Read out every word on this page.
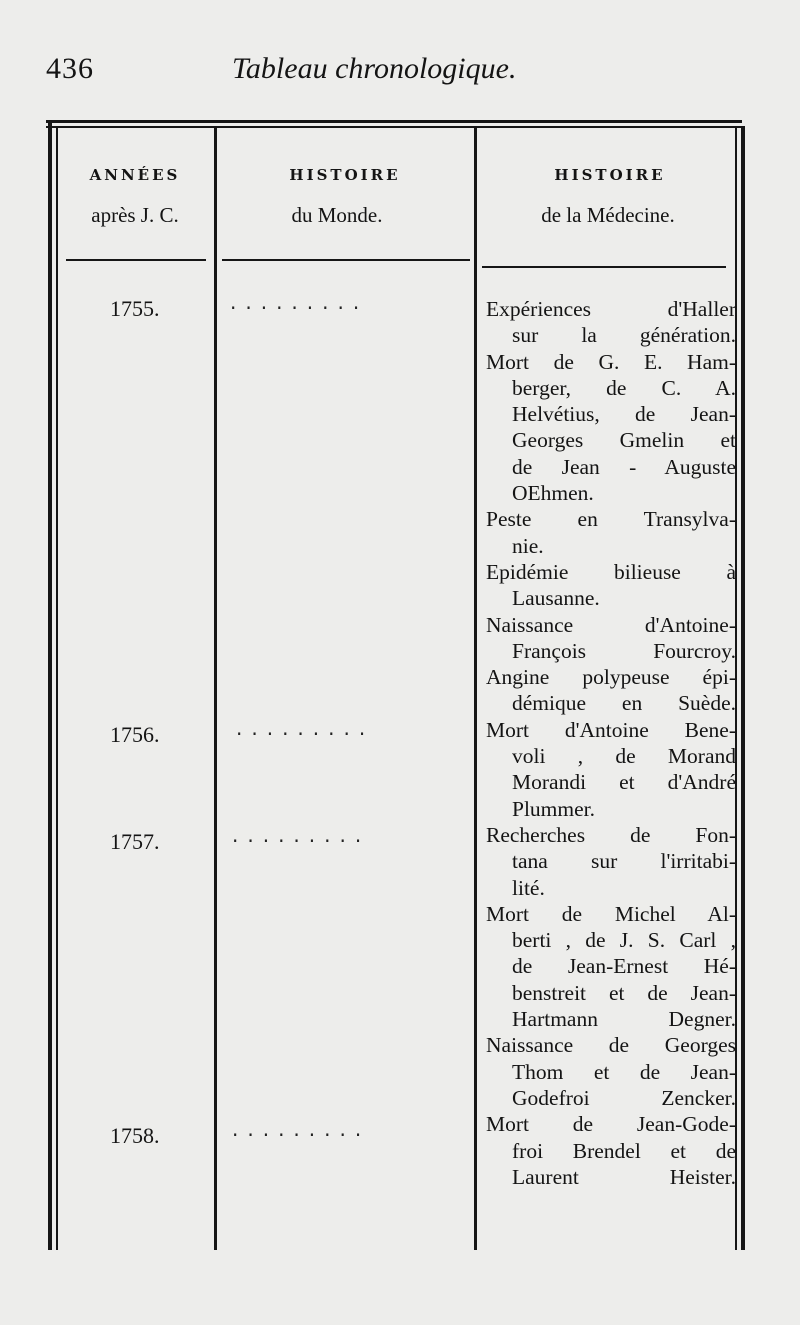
436	Tableau chronologique.
ANNÉES
après J. C.
HISTOIRE
du Monde.
HISTOIRE
de la Médecine.
1755.
1756.
1757.
1758.
·········
·········
·········
·········
Expériences d'Haller
sur la génération.
Mort de G. E. Ham-
berger, de C. A.
Helvétius, de Jean-
Georges Gmelin et
de Jean - Auguste
OEhmen.
Peste en Transylva-
nie.
Epidémie bilieuse à
Lausanne.
Naissance d'Antoine-
François Fourcroy.
Angine polypeuse épi-
démique en Suède.
Mort d'Antoine Bene-
voli , de Morand
Morandi et d'André
Plummer.
Recherches de Fon-
tana sur l'irritabi-
lité.
Mort de Michel Al-
berti , de J. S. Carl ,
de Jean-Ernest Hé-
benstreit et de Jean-
Hartmann Degner.
Naissance de Georges
Thom et de Jean-
Godefroi Zencker.
Mort de Jean-Gode-
froi Brendel et de
Laurent Heister.
